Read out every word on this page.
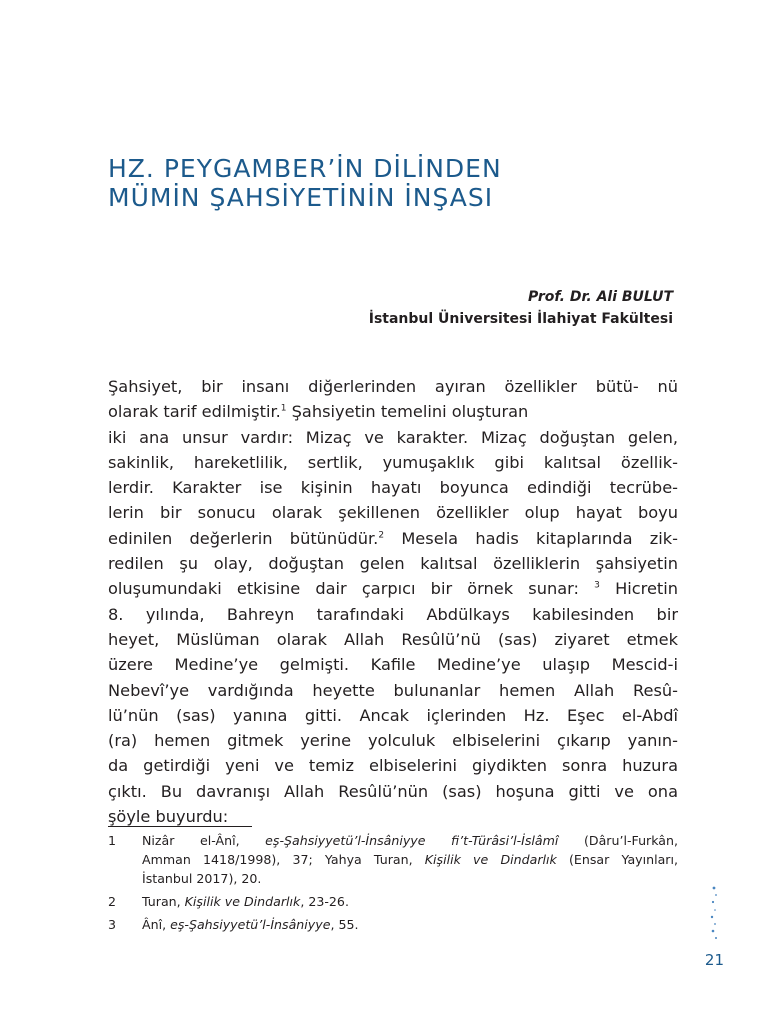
HZ. PEYGAMBER’İN DİLİNDEN
MÜMİN ŞAHSİYETİNİN İNŞASI
Prof. Dr. Ali BULUT
İstanbul Üniversitesi İlahiyat Fakültesi
Şahsiyet, bir insanı diğerlerinden ayıran özellikler bütü- nü
olarak tarif edilmiştir.$^1$ Şahsiyetin temelini oluşturan
iki ana unsur vardır: Mizaç ve karakter. Mizaç doğuştan gelen,
sakinlik, hareketlilik, sertlik, yumuşaklık gibi kalıtsal özellik-
lerdir. Karakter ise kişinin hayatı boyunca edindiği tecrübe-
lerin bir sonucu olarak şekillenen özellikler olup hayat boyu
edinilen değerlerin bütünüdür.$^2$ Mesela hadis kitaplarında zik-
redilen şu olay, doğuştan gelen kalıtsal özelliklerin şahsiyetin
oluşumundaki etkisine dair çarpıcı bir örnek sunar: $^3$ Hicretin
8. yılında, Bahreyn tarafındaki Abdülkays kabilesinden bir
heyet, Müslüman olarak Allah Resûlü’nü (sas) ziyaret etmek
üzere Medine’ye gelmişti. Kafile Medine’ye ulaşıp Mescid-i
Nebevî’ye vardığında heyette bulunanlar hemen Allah Resû-
lü’nün (sas) yanına gitti. Ancak içlerinden Hz. Eşec el-Abdî
(ra) hemen gitmek yerine yolculuk elbiselerini çıkarıp yanın-
da getirdiği yeni ve temiz elbiselerini giydikten sonra huzura
çıktı. Bu davranışı Allah Resûlü’nün (sas) hoşuna gitti ve ona
şöyle buyurdu:
1 Nizâr el-Ânî, eş-Şahsiyyetü’l-İnsâniyye fi’t-Türâsi’l-İslâmî (Dâru’l-Furkân,
Amman 1418/1998), 37; Yahya Turan, Kişilik ve Dindarlık (Ensar Yayınları,
İstanbul 2017), 20.
2 Turan, Kişilik ve Dindarlık, 23-26.
3 Ânî, eş-Şahsiyyetü’l-İnsâniyye, 55.
21
